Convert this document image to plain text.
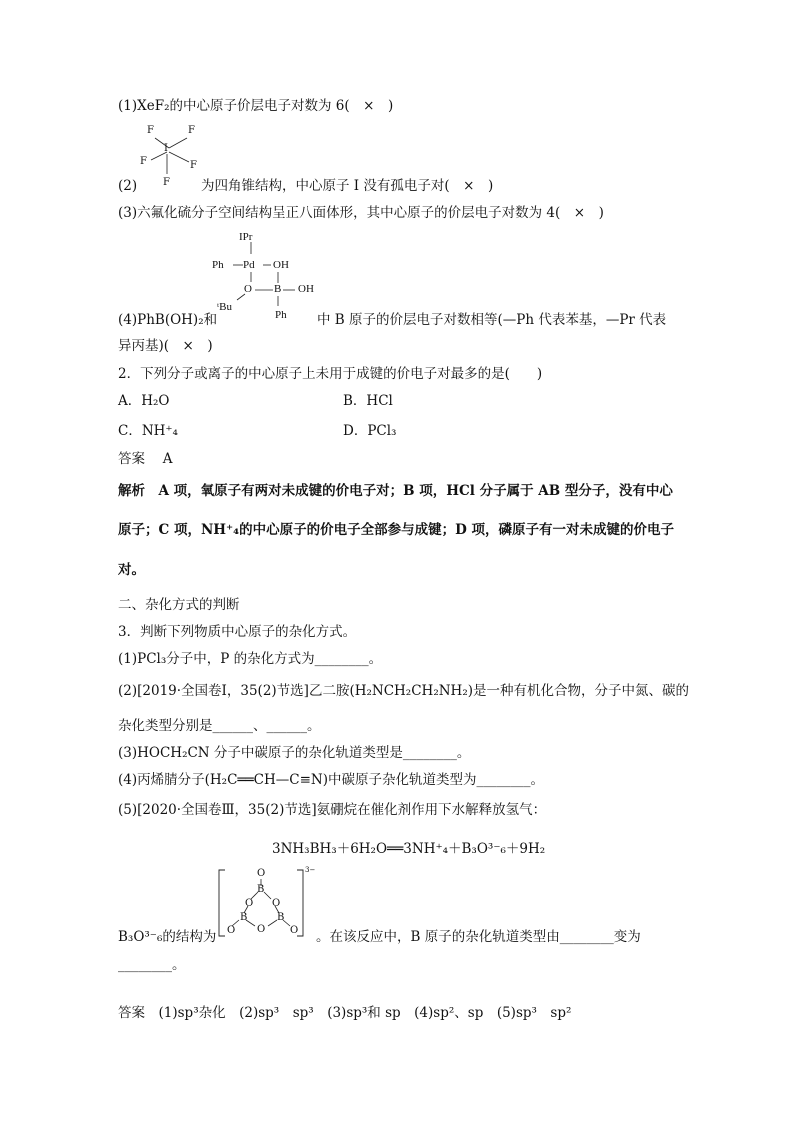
(1)XeF₂的中心原子价层电子对数为 6(　×　)
F	F
I
F	F
F
(2)	为四角锥结构，中心原子 I 没有孤电子对(　×　)
(3)六氟化硫分子空间结构呈正八面体形，其中心原子的价层电子对数为 4(　×　)
IPr
Ph Pd OH
O B OH
ᵗBu
Ph
(4)PhB(OH)₂和	中 B 原子的价层电子对数相等(—Ph 代表苯基，—Pr 代表
异丙基)(　×　)
2．下列分子或离子的中心原子上未用于成键的价电子对最多的是(　　)
A．H₂O	B．HCl
C．NH⁺₄	D．PCl₃
答案　 A
解析　A 项，氧原子有两对未成键的价电子对；B 项，HCl 分子属于 AB 型分子，没有中心
原子；C 项，NH⁺₄的中心原子的价电子全部参与成键；D 项，磷原子有一对未成键的价电子
对。
二、杂化方式的判断
3．判断下列物质中心原子的杂化方式。
(1)PCl₃分子中，P 的杂化方式为________。
(2)[2019·全国卷Ⅰ，35(2)节选]乙二胺(H₂NCH₂CH₂NH₂)是一种有机化合物，分子中氮、碳的
杂化类型分别是______、______。
(3)HOCH₂CN 分子中碳原子的杂化轨道类型是________。
(4)丙烯腈分子(H₂C══CH—C≡N)中碳原子杂化轨道类型为________。
(5)[2020·全国卷Ⅲ，35(2)节选]氨硼烷在催化剂作用下水解释放氢气：
3NH₃BH₃＋6H₂O══3NH⁺₄＋B₃O³⁻₆＋9H₂
O
B
O O
B	B
O
O	O
3−
B₃O³⁻₆的结构为	。在该反应中，B 原子的杂化轨道类型由________变为
________。
答案　(1)sp³杂化　(2)sp³　sp³　(3)sp³和 sp　(4)sp²、sp　(5)sp³　sp²
